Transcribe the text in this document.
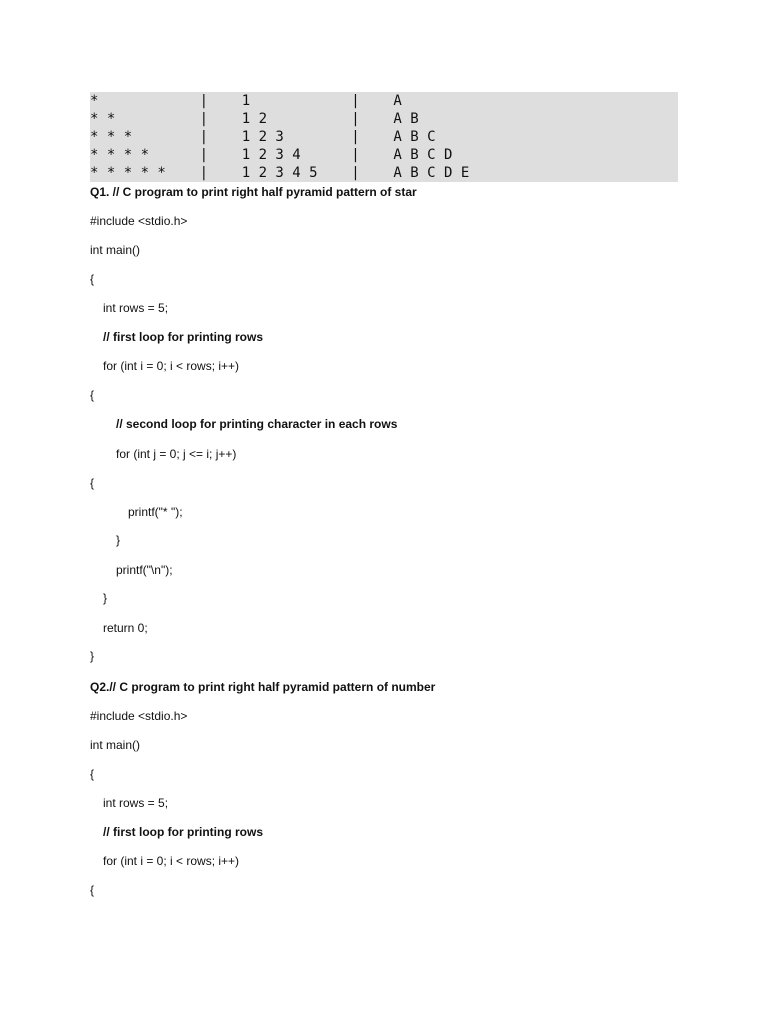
*            |    1            |    A
* *          |    1 2          |    A B
* * *        |    1 2 3        |    A B C
* * * *      |    1 2 3 4      |    A B C D
* * * * *    |    1 2 3 4 5    |    A B C D E
Q1. // C program to print right half pyramid pattern of star
#include <stdio.h>
int main()
{
int rows = 5;
// first loop for printing rows
for (int i = 0; i < rows; i++)
{
// second loop for printing character in each rows
for (int j = 0; j <= i; j++)
{
printf("* ");
}
printf("\n");
}
return 0;
}
Q2.// C program to print right half pyramid pattern of number
#include <stdio.h>
int main()
{
int rows = 5;
// first loop for printing rows
for (int i = 0; i < rows; i++)
{
